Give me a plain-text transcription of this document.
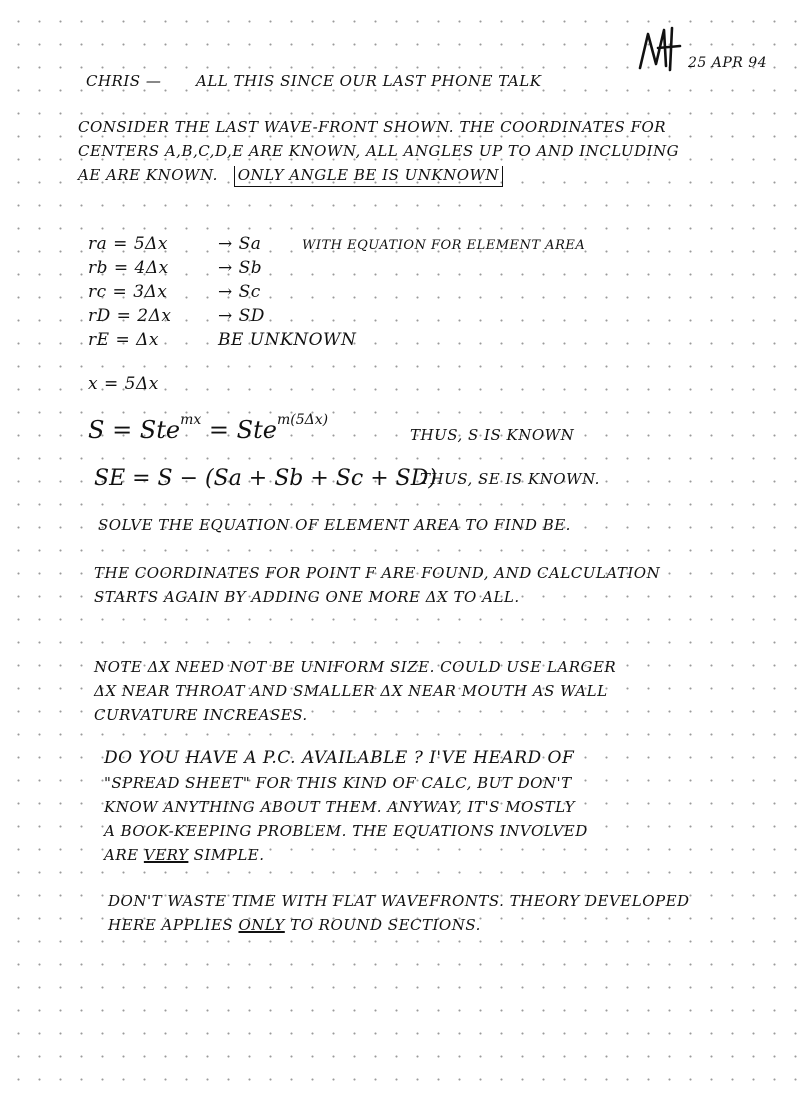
25 APR 94
CHRIS — ALL THIS SINCE OUR LAST PHONE TALK
CONSIDER THE LAST WAVE-FRONT SHOWN. THE COORDINATES FOR
CENTERS A,B,C,D,E ARE KNOWN, ALL ANGLES UP TO AND INCLUDING
ΑE ARE KNOWN. ONLY ANGLE ΒE IS UNKNOWN
ra = 5Δx	→ Sa	WITH EQUATION FOR ELEMENT AREA
rb = 4Δx	→ Sb
rc = 3Δx	→ Sc
rD = 2Δx	→ SD
rE = Δx	ΒE UNKNOWN
x = 5Δx
S = Ste$^{mx}$ = Ste$^{m(5\Delta x)}$
THUS, S IS KNOWN
SE = S − (Sa + Sb + Sc + SD)
THUS, SE IS KNOWN.
SOLVE THE EQUATION OF ELEMENT AREA TO FIND ΒE.
THE COORDINATES FOR POINT F ARE FOUND, AND CALCULATION
STARTS AGAIN BY ADDING ONE MORE ΔX TO ALL.
NOTE ΔX NEED NOT BE UNIFORM SIZE. COULD USE LARGER
ΔX NEAR THROAT AND SMALLER ΔX NEAR MOUTH AS WALL
CURVATURE INCREASES.
DO YOU HAVE A P.C. AVAILABLE ? I'VE HEARD OF
"SPREAD SHEET" FOR THIS KIND OF CALC, BUT DON'T
KNOW ANYTHING ABOUT THEM. ANYWAY, IT'S MOSTLY
A BOOK-KEEPING PROBLEM. THE EQUATIONS INVOLVED
ARE VERY SIMPLE.
DON'T WASTE TIME WITH FLAT WAVEFRONTS. THEORY DEVELOPED
HERE APPLIES ONLY TO ROUND SECTIONS.
